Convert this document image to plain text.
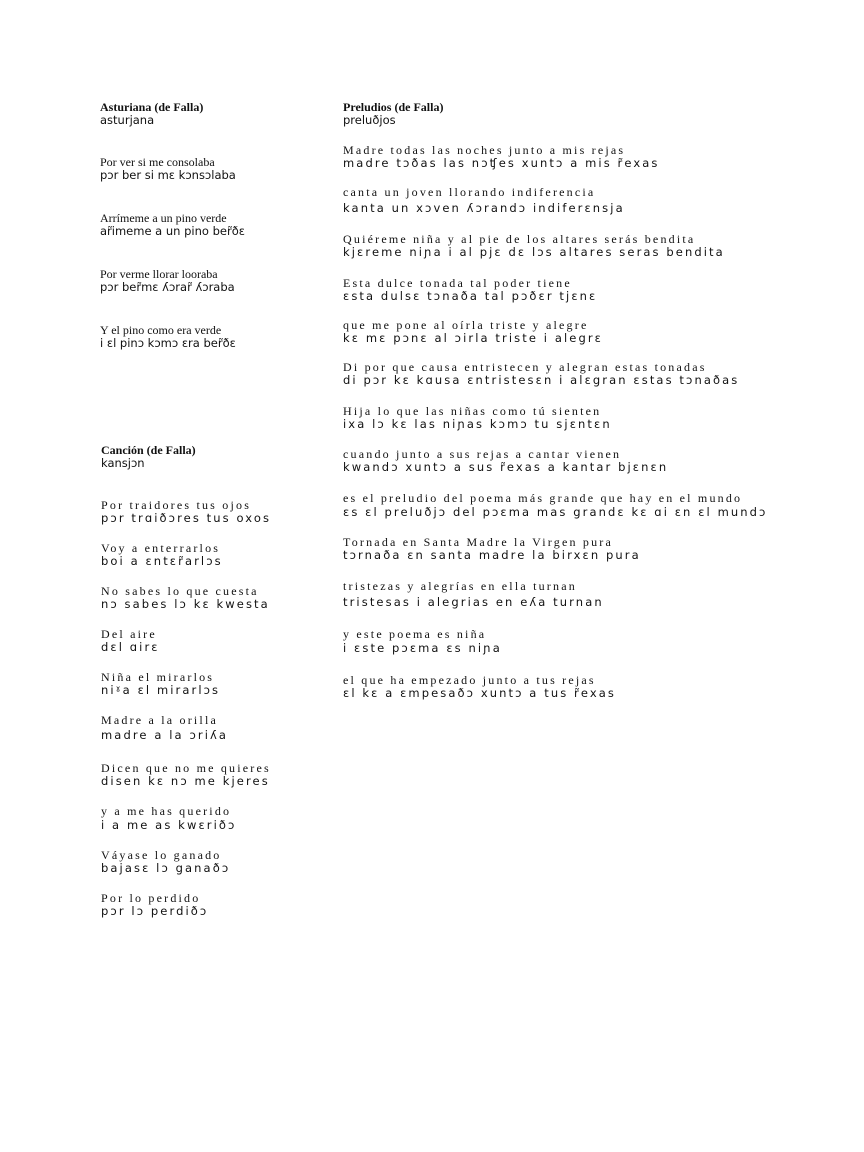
Asturiana (de Falla)
asturjana
Por ver si me consolaba
pɔr ber si mɛ kɔnsɔlaba
Arrímeme a un pino verde
ar̃imeme a un pino ber̃ðɛ
Por verme llorar looraba
pɔr ber̃mɛ ʎɔrar̃ ʎɔraba
Y el pino como era verde
i ɛl pinɔ kɔmɔ ɛra ber̃ðɛ
Canción (de Falla)
kansjɔn
Por traidores tus ojos
pɔr trɑiðɔres tus oxos
Voy a enterrarlos
boi a ɛntɛr̃arlɔs
No sabes lo que cuesta
nɔ sabes lɔ kɛ kwesta
Del aire
dɛl ɑirɛ
Niña el mirarlos
niˠa ɛl mirarlɔs
Madre a la orilla
madre a la ɔriʎa
Dicen que no me quieres
disen kɛ nɔ me kjeres
y a me has querido
i a me as kwɛriðɔ
Váyase lo ganado
bajasɛ lɔ ganaðɔ
Por lo perdido
pɔr lɔ perdiðɔ
Preludios (de Falla)
preluðjos
Madre todas las noches junto a mis rejas
madre tɔðas las nɔʧes xuntɔ a mis r̃exas
canta un joven llorando indiferencia
kanta un xɔven ʎɔrandɔ indiferɛnsja
Quiéreme niña y al pie de los altares serás bendita
kjɛreme niɲa i al pjɛ dɛ lɔs altares seras bendita
Esta dulce tonada tal poder tiene
ɛsta dulsɛ tɔnaða tal pɔðɛr tjɛnɛ
que me pone al oírla triste y alegre
kɛ mɛ pɔnɛ al ɔirla triste i alegrɛ
Di por que causa entristecen y alegran estas tonadas
di pɔr kɛ kɑusa ɛntristesɛn i alɛgran ɛstas tɔnaðas
Hija lo que las niñas como tú sienten
ixa lɔ kɛ las niɲas kɔmɔ tu sjɛntɛn
cuando junto a sus rejas a cantar vienen
kwandɔ xuntɔ a sus r̃exas a kantar bjɛnɛn
es el preludio del poema más grande que hay en el mundo
ɛs ɛl preluðjɔ del pɔɛma mas grandɛ kɛ ɑi ɛn ɛl mundɔ
Tornada en Santa Madre la Virgen pura
tɔrnaða ɛn santa madre la birxɛn pura
tristezas y alegrías en ella turnan
tristesas i alegrias en eʎa turnan
y este poema es niña
i ɛste pɔɛma ɛs niɲa
el que ha empezado junto a tus rejas
ɛl kɛ a ɛmpesaðɔ xuntɔ a tus r̃exas
